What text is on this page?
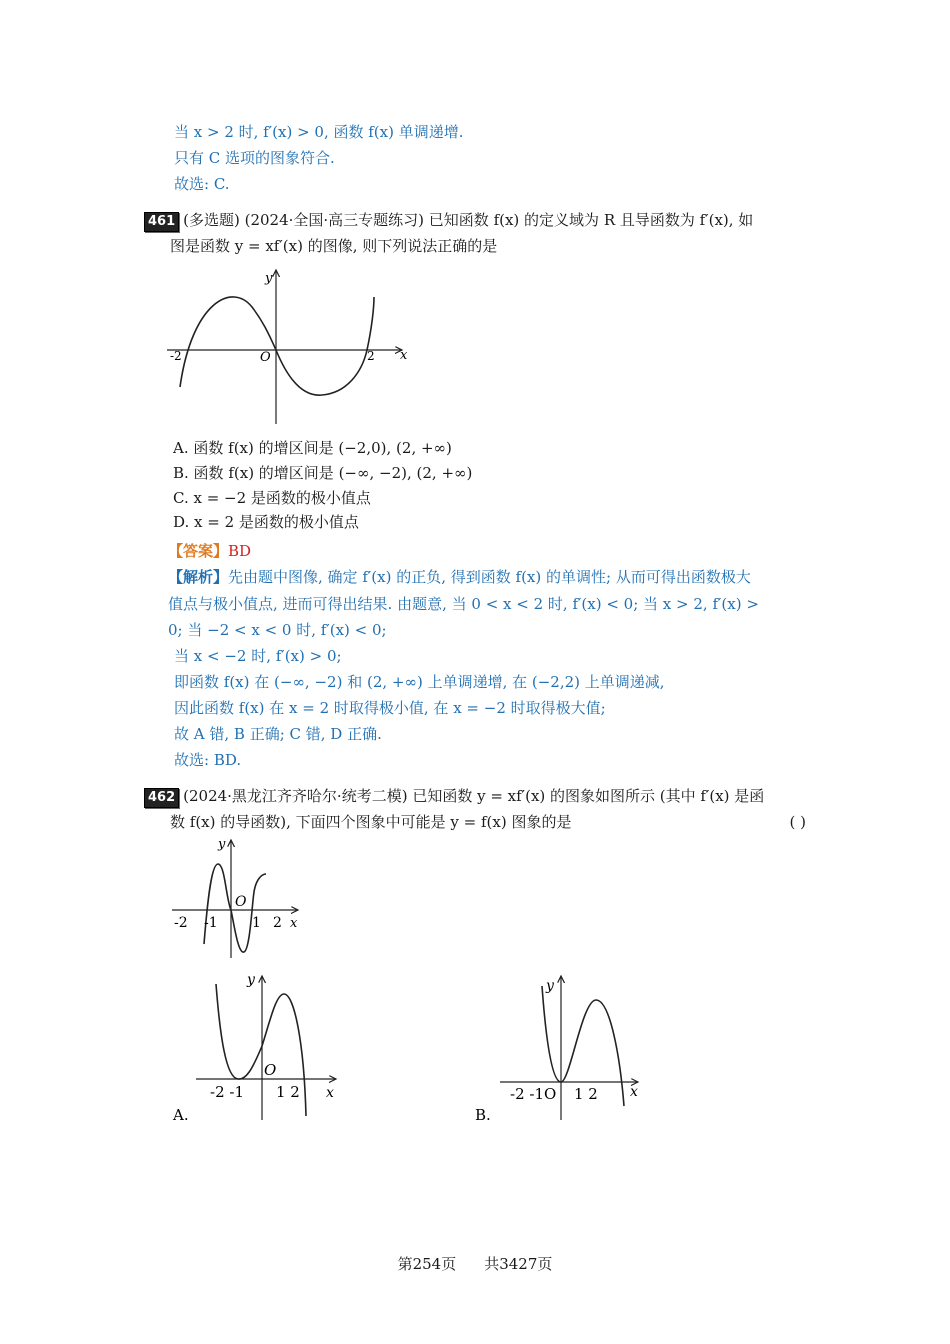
当 x > 2 时, f′(x) > 0, 函数 f(x) 单调递增.
只有 C 选项的图象符合.
故选: C.
461 (多选题) (2024·全国·高三专题练习) 已知函数 f(x) 的定义域为 R 且导函数为 f′(x), 如
图是函数 y = xf′(x) 的图像, 则下列说法正确的是
y
x
O
-2	2
A. 函数 f(x) 的增区间是 (−2,0), (2, +∞)
B. 函数 f(x) 的增区间是 (−∞, −2), (2, +∞)
C. x = −2 是函数的极小值点
D. x = 2 是函数的极小值点
【答案】BD
【解析】先由题中图像, 确定 f′(x) 的正负, 得到函数 f(x) 的单调性; 从而可得出函数极大
值点与极小值点, 进而可得出结果. 由题意, 当 0 < x < 2 时, f′(x) < 0; 当 x > 2, f′(x) >
0; 当 −2 < x < 0 时, f′(x) < 0;
当 x < −2 时, f′(x) > 0;
即函数 f(x) 在 (−∞, −2) 和 (2, +∞) 上单调递增, 在 (−2,2) 上单调递减,
因此函数 f(x) 在 x = 2 时取得极小值, 在 x = −2 时取得极大值;
故 A 错, B 正确; C 错, D 正确.
故选: BD.
462 (2024·黑龙江齐齐哈尔·统考二模) 已知函数 y = xf′(x) 的图象如图所示 (其中 f′(x) 是函
数 f(x) 的导函数), 下面四个图象中可能是 y = f(x) 图象的是	( )
y
x
O
-2 -1 1 2
y
x
O
-2 -1 1 2
A.
y
x
-2 -1O 1 2
B.
第254页 共3427页
